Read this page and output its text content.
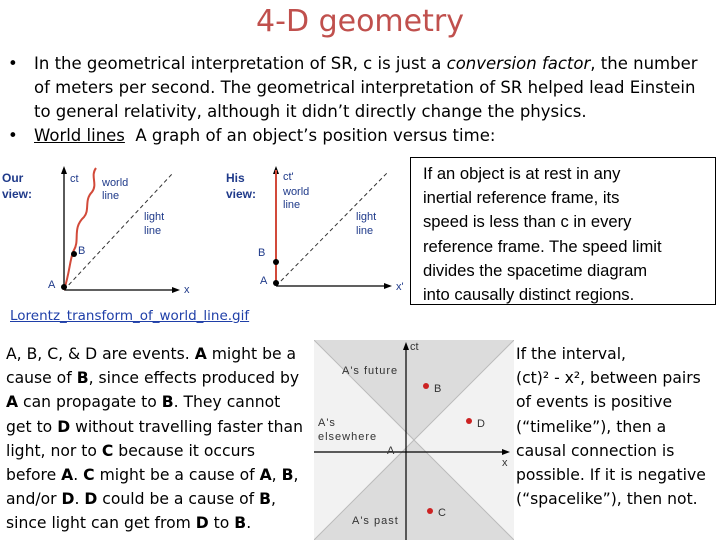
4-D geometry
• In the geometrical interpretation of SR, c is just a conversion factor, the number of meters per second. The geometrical interpretation of SR helped lead Einstein to general relativity, although it didn’t directly change the physics.
• World lines  A graph of an object’s position versus time:
Our
view:
ct world
line
light
line
A
B
x
His
view:
ct'
world
line
light
line
A
B
x'
If an object is at rest in any
inertial reference frame, its
speed is less than c in every
reference frame. The speed limit
divides the spacetime diagram
into causally distinct regions.
Lorentz_transform_of_world_line.gif
A, B, C, & D are events. A might be a
cause of B, since effects produced by
A can propagate to B. They cannot
get to D without travelling faster than
light, nor to C because it occurs
before A. C might be a cause of A, B,
and/or D. D could be a cause of B,
since light can get from D to B.
ct
x
A's future
A's
elsewhere
A's past
A
B
D
C
If the interval,
(ct)² - x², between pairs
of events is positive
(“timelike”), then a
causal connection is
possible. If it is negative
(“spacelike”), then not.
